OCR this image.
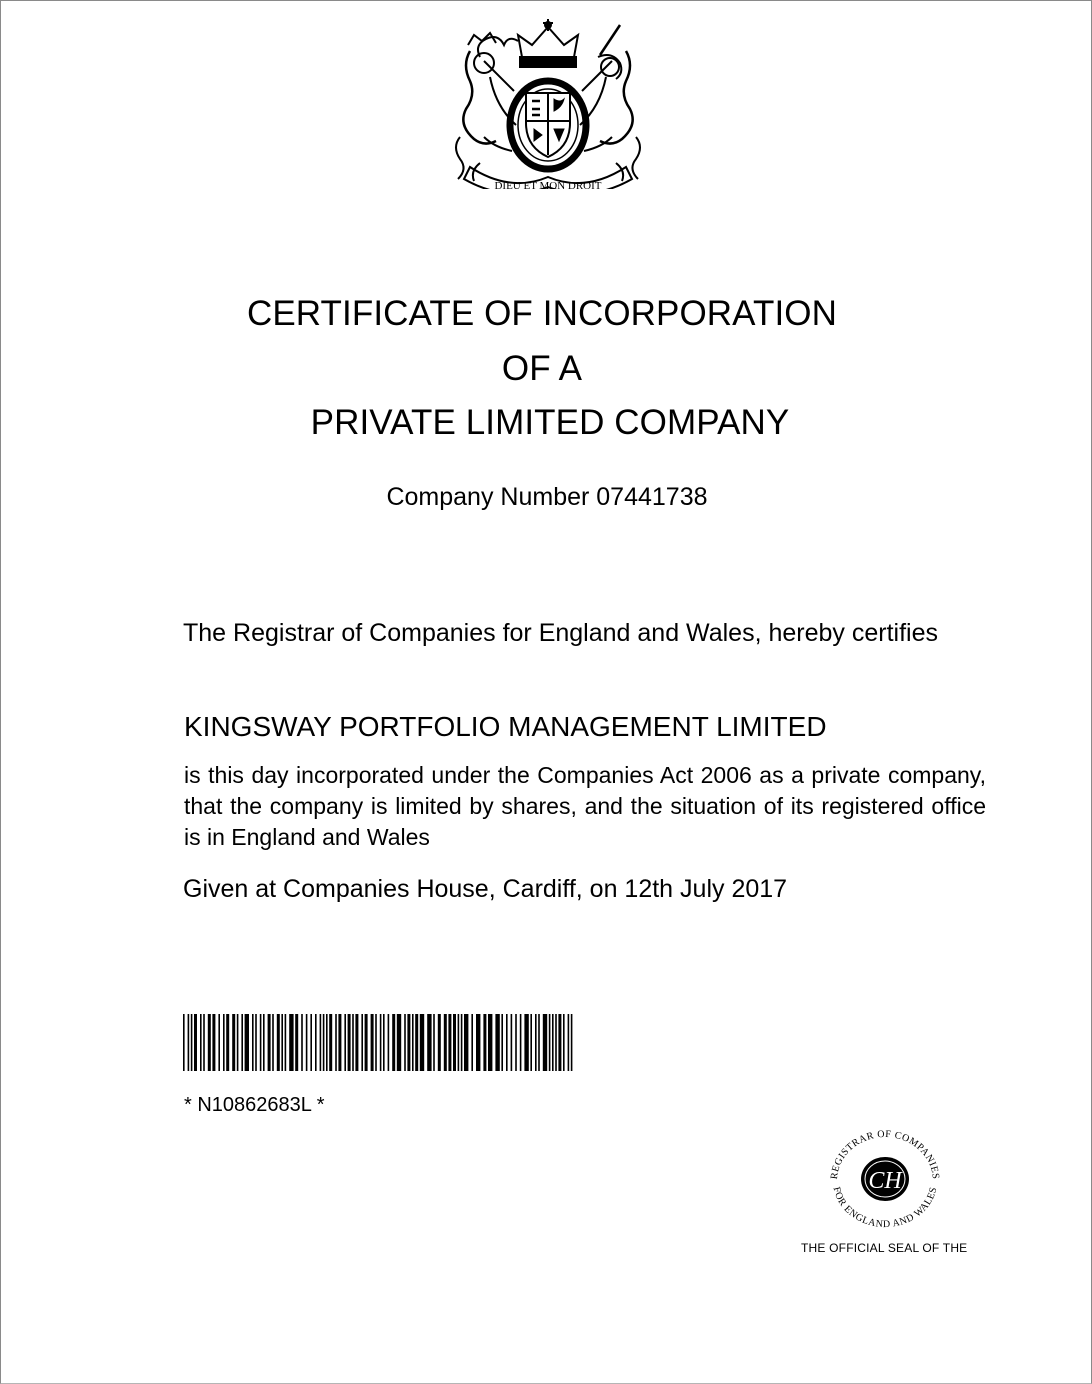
DIEU ET MON DROIT
CERTIFICATE OF INCORPORATION
OF A
PRIVATE LIMITED COMPANY
Company Number 07441738
The Registrar of Companies for England and Wales, hereby certifies
KINGSWAY PORTFOLIO MANAGEMENT LIMITED
is this day incorporated under the Companies Act 2006 as a private company, that the company is limited by shares, and the situation of its registered office is in England and Wales
Given at Companies House, Cardiff, on 12th July 2017
* N10862683L *
REGISTRAR OF COMPANIES
FOR ENGLAND AND WALES
CH
THE OFFICIAL SEAL OF THE
